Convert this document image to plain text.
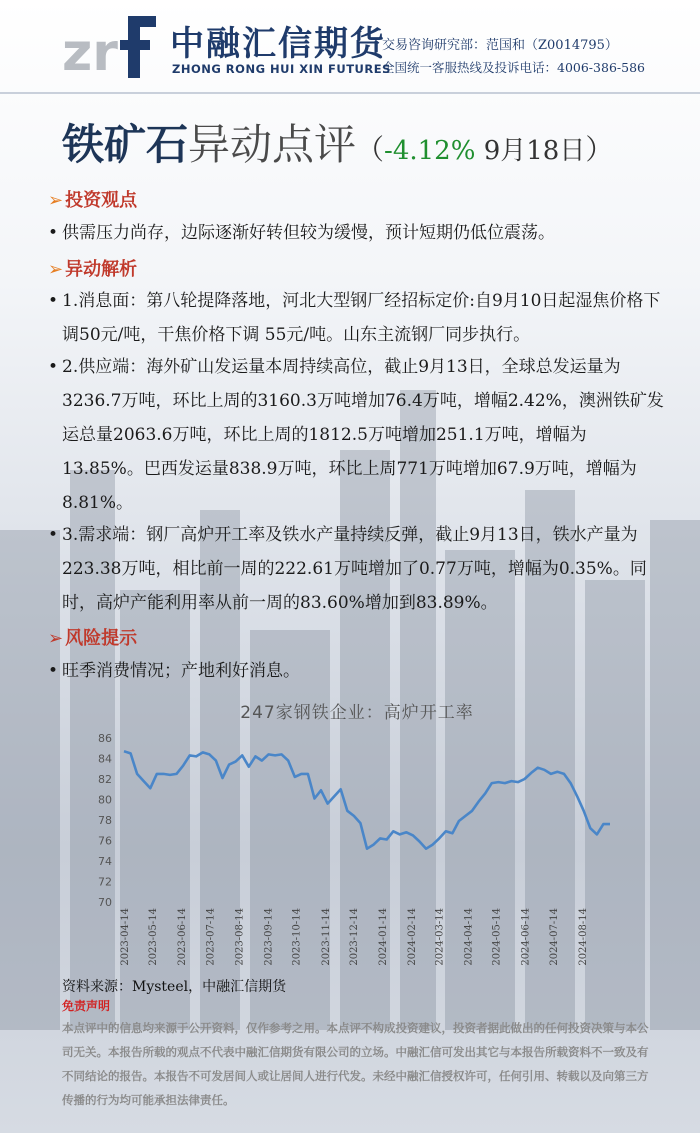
zr 中融汇信期货
ZHONG RONG HUI XIN FUTURES
交易咨询研究部：范国和（Z0014795）
全国统一客服热线及投诉电话：4006-386-586
铁矿石异动点评（-4.12% 9月18日）
➢ 投资观点
• 供需压力尚存，边际逐渐好转但较为缓慢，预计短期仍低位震荡。
➢ 异动解析
• 1.消息面：第八轮提降落地，河北大型钢厂经招标定价:自9月10日起湿焦价格下调50元/吨，干焦价格下调 55元/吨。山东主流钢厂同步执行。
• 2.供应端：海外矿山发运量本周持续高位，截止9月13日，全球总发运量为3236.7万吨，环比上周的3160.3万吨增加76.4万吨，增幅2.42%，澳洲铁矿发运总量2063.6万吨，环比上周的1812.5万吨增加251.1万吨，增幅为13.85%。巴西发运量838.9万吨，环比上周771万吨增加67.9万吨，增幅为8.81%。
• 3.需求端：钢厂高炉开工率及铁水产量持续反弹，截止9月13日，铁水产量为223.38万吨，相比前一周的222.61万吨增加了0.77万吨，增幅为0.35%。同时，高炉产能利用率从前一周的83.60%增加到83.89%。
➢ 风险提示
• 旺季消费情况；产地利好消息。
247家钢铁企业：高炉开工率
70
72
74
76
78
80
82
84
86
2023-04-14 2023-05-14 2023-06-14 2023-07-14 2023-08-14 2023-09-14 2023-10-14 2023-11-14 2023-12-14 2024-01-14 2024-02-14 2024-03-14 2024-04-14 2024-05-14 2024-06-14 2024-07-14 2024-08-14
资料来源：Mysteel，中融汇信期货
免责声明
本点评中的信息均来源于公开资料，仅作参考之用。本点评不构成投资建议，投资者据此做出的任何投资决策与本公司无关。本报告所载的观点不代表中融汇信期货有限公司的立场。中融汇信可发出其它与本报告所载资料不一致及有不同结论的报告。本报告不可发居间人或让居间人进行代发。未经中融汇信授权许可，任何引用、转载以及向第三方传播的行为均可能承担法律责任。
